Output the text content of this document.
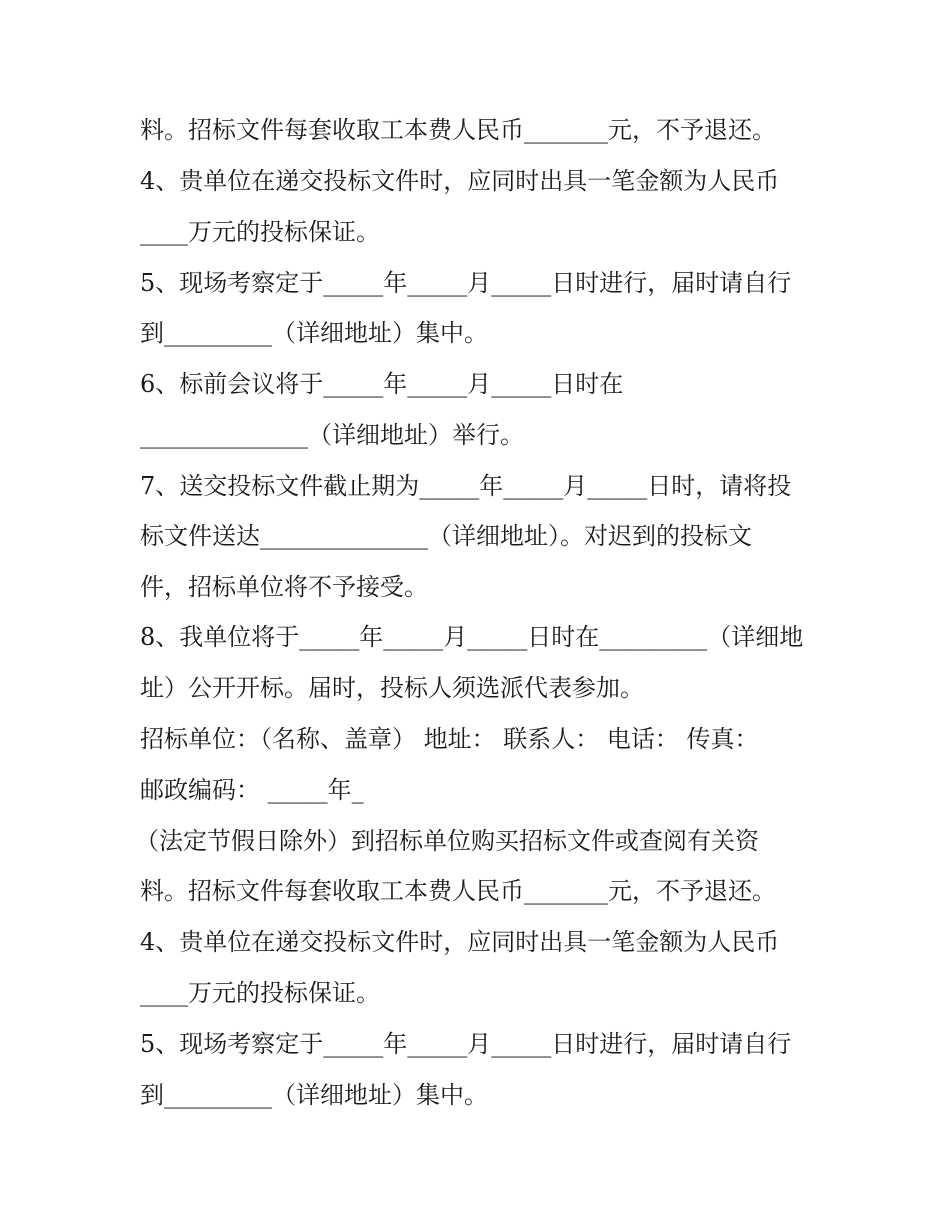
料。招标文件每套收取工本费人民币_______元，不予退还。
4、贵单位在递交投标文件时，应同时出具一笔金额为人民币
____万元的投标保证。
5、现场考察定于_____年_____月_____日时进行，届时请自行
到_________（详细地址）集中。
6、标前会议将于_____年_____月_____日时在
______________（详细地址）举行。
7、送交投标文件截止期为_____年_____月_____日时，请将投
标文件送达______________（详细地址）。对迟到的投标文
件，招标单位将不予接受。
8、我单位将于_____年_____月_____日时在_________（详细地
址）公开开标。届时，投标人须选派代表参加。
招标单位：（名称、盖章） 地址： 联系人： 电话： 传真：
邮政编码： _____年_
（法定节假日除外）到招标单位购买招标文件或查阅有关资
料。招标文件每套收取工本费人民币_______元，不予退还。
4、贵单位在递交投标文件时，应同时出具一笔金额为人民币
____万元的投标保证。
5、现场考察定于_____年_____月_____日时进行，届时请自行
到_________（详细地址）集中。
